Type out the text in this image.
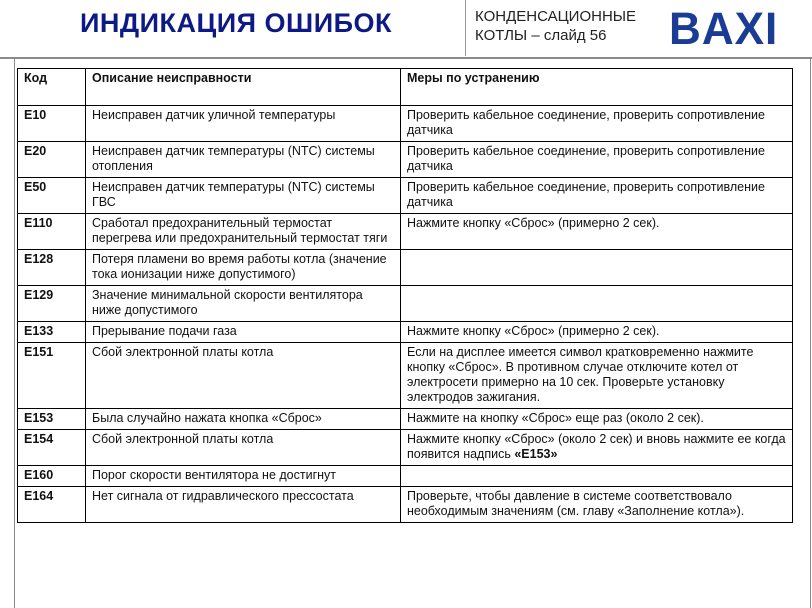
ИНДИКАЦИЯ ОШИБОК	КОНДЕНСАЦИОННЫЕ
КОТЛЫ – слайд 56	BAXI
Код	Описание неисправности	Меры по устранению
E10	Неисправен датчик уличной температуры	Проверить кабельное соединение, проверить сопротивление датчика
E20	Неисправен датчик температуры (NTC) системы отопления	Проверить кабельное соединение, проверить сопротивление датчика
E50	Неисправен датчик температуры (NTC) системы ГВС	Проверить кабельное соединение, проверить сопротивление датчика
E110	Сработал предохранительный термостат перегрева или предохранительный термостат тяги	Нажмите кнопку «Сброс» (примерно 2 сек).
E128	Потеря пламени во время работы котла (значение тока ионизации ниже допустимого)	
E129	Значение минимальной скорости вентилятора ниже допустимого	
E133	Прерывание подачи газа	Нажмите кнопку «Сброс» (примерно 2 сек).
E151	Сбой электронной платы котла	Если на дисплее имеется символ кратковременно нажмите кнопку «Сброс». В противном случае отключите котел от электросети примерно на 10 сек. Проверьте установку электродов зажигания.
E153	Была случайно нажата кнопка «Сброс»	Нажмите на кнопку «Сброс» еще раз (около 2 сек).
E154	Сбой электронной платы котла	Нажмите кнопку «Сброс» (около 2 сек) и вновь нажмите ее когда появится надпись «E153»
E160	Порог скорости вентилятора не достигнут	
E164	Нет сигнала от гидравлического прессостата	Проверьте, чтобы давление в системе соответствовало необходимым значениям (см. главу «Заполнение котла»).
